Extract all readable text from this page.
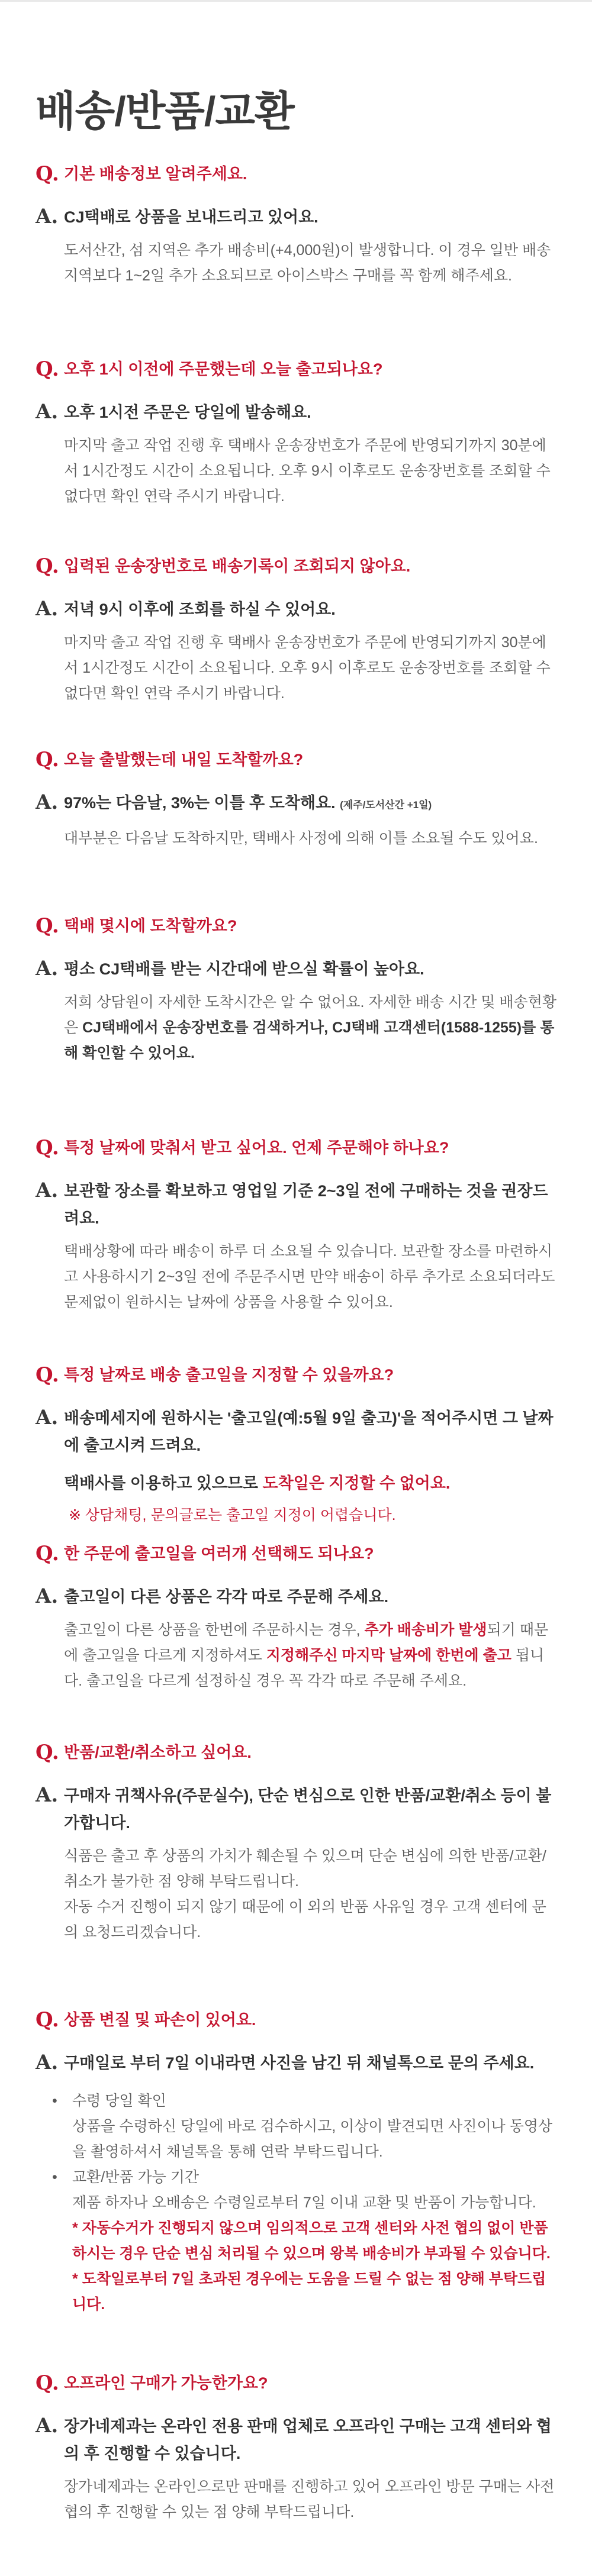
배송/반품/교환
Q. 기본 배송정보 알려주세요.
A. CJ택배로 상품을 보내드리고 있어요.
도서산간, 섬 지역은 추가 배송비(+4,000원)이 발생합니다. 이 경우 일반 배송지역보다 1~2일 추가 소요되므로 아이스박스 구매를 꼭 함께 해주세요.
Q. 오후 1시 이전에 주문했는데 오늘 출고되나요?
A. 오후 1시전 주문은 당일에 발송해요.
마지막 출고 작업 진행 후 택배사 운송장번호가 주문에 반영되기까지 30분에서 1시간정도 시간이 소요됩니다. 오후 9시 이후로도 운송장번호를 조회할 수 없다면 확인 연락 주시기 바랍니다.
Q. 입력된 운송장번호로 배송기록이 조회되지 않아요.
A. 저녁 9시 이후에 조회를 하실 수 있어요.
마지막 출고 작업 진행 후 택배사 운송장번호가 주문에 반영되기까지 30분에서 1시간정도 시간이 소요됩니다. 오후 9시 이후로도 운송장번호를 조회할 수 없다면 확인 연락 주시기 바랍니다.
Q. 오늘 출발했는데 내일 도착할까요?
A. 97%는 다음날, 3%는 이틀 후 도착해요. (제주/도서산간 +1일)
대부분은 다음날 도착하지만, 택배사 사정에 의해 이틀 소요될 수도 있어요.
Q. 택배 몇시에 도착할까요?
A. 평소 CJ택배를 받는 시간대에 받으실 확률이 높아요.
저희 상담원이 자세한 도착시간은 알 수 없어요. 자세한 배송 시간 및 배송현황은 CJ택배에서 운송장번호를 검색하거나, CJ택배 고객센터(1588-1255)를 통해 확인할 수 있어요.
Q. 특정 날짜에 맞춰서 받고 싶어요. 언제 주문해야 하나요?
A. 보관할 장소를 확보하고 영업일 기준 2~3일 전에 구매하는 것을 권장드려요.
택배상황에 따라 배송이 하루 더 소요될 수 있습니다. 보관할 장소를 마련하시고 사용하시기 2~3일 전에 주문주시면 만약 배송이 하루 추가로 소요되더라도 문제없이 원하시는 날짜에 상품을 사용할 수 있어요.
Q. 특정 날짜로 배송 출고일을 지정할 수 있을까요?
A. 배송메세지에 원하시는 '출고일(예:5월 9일 출고)'을 적어주시면 그 날짜에 출고시켜 드려요.
택배사를 이용하고 있으므로 도착일은 지정할 수 없어요.
※ 상담채팅, 문의글로는 출고일 지정이 어렵습니다.
Q. 한 주문에 출고일을 여러개 선택해도 되나요?
A. 출고일이 다른 상품은 각각 따로 주문해 주세요.
출고일이 다른 상품을 한번에 주문하시는 경우, 추가 배송비가 발생되기 때문에 출고일을 다르게 지정하셔도 지정해주신 마지막 날짜에 한번에 출고 됩니다. 출고일을 다르게 설정하실 경우 꼭 각각 따로 주문해 주세요.
Q. 반품/교환/취소하고 싶어요.
A. 구매자 귀책사유(주문실수), 단순 변심으로 인한 반품/교환/취소 등이 불가합니다.
식품은 출고 후 상품의 가치가 훼손될 수 있으며 단순 변심에 의한 반품/교환/취소가 불가한 점 양해 부탁드립니다.
자동 수거 진행이 되지 않기 때문에 이 외의 반품 사유일 경우 고객 센터에 문의 요청드리겠습니다.
Q. 상품 변질 및 파손이 있어요.
A. 구매일로 부터 7일 이내라면 사진을 남긴 뒤 채널톡으로 문의 주세요.
• 수령 당일 확인
상품을 수령하신 당일에 바로 검수하시고, 이상이 발견되면 사진이나 동영상을 촬영하셔서 채널톡을 통해 연락 부탁드립니다.
• 교환/반품 가능 기간
제품 하자나 오배송은 수령일로부터 7일 이내 교환 및 반품이 가능합니다.
* 자동수거가 진행되지 않으며 임의적으로 고객 센터와 사전 협의 없이 반품하시는 경우 단순 변심 처리될 수 있으며 왕복 배송비가 부과될 수 있습니다.
* 도착일로부터 7일 초과된 경우에는 도움을 드릴 수 없는 점 양해 부탁드립니다.
Q. 오프라인 구매가 가능한가요?
A. 장가네제과는 온라인 전용 판매 업체로 오프라인 구매는 고객 센터와 협의 후 진행할 수 있습니다.
장가네제과는 온라인으로만 판매를 진행하고 있어 오프라인 방문 구매는 사전 협의 후 진행할 수 있는 점 양해 부탁드립니다.
